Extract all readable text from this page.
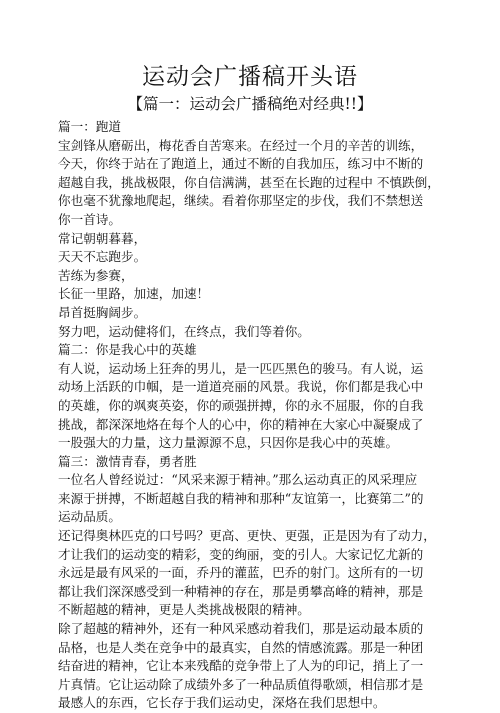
运动会广播稿开头语
【篇一：运动会广播稿绝对经典!!】
篇一：跑道
宝剑锋从磨砺出，梅花香自苦寒来。在经过一个月的辛苦的训练，
今天，你终于站在了跑道上，通过不断的自我加压，练习中不断的
超越自我，挑战极限，你自信满满，甚至在长跑的过程中 不慎跌倒，
你也毫不犹豫地爬起，继续。看着你那坚定的步伐，我们不禁想送
你一首诗。
常记朝朝暮暮，
天天不忘跑步。
苦练为参赛，
长征一里路，加速，加速！
昂首挺胸阔步。
努力吧，运动健将们，在终点，我们等着你。
篇二：你是我心中的英雄
有人说，运动场上狂奔的男儿，是一匹匹黑色的骏马。有人说，运
动场上活跃的巾帼，是一道道亮丽的风景。我说，你们都是我心中
的英雄，你的飒爽英姿，你的顽强拼搏，你的永不屈服，你的自我
挑战，都深深地烙在每个人的心中，你的精神在大家心中凝聚成了
一股强大的力量，这力量源源不息，只因你是我心中的英雄。
篇三：激情青春，勇者胜
一位名人曾经说过：“风采来源于精神。”那么运动真正的风采理应
来源于拼搏，不断超越自我的精神和那种“友谊第一，比赛第二”的
运动品质。
还记得奥林匹克的口号吗？更高、更快、更强，正是因为有了动力，
才让我们的运动变的精彩，变的绚丽，变的引人。大家记忆尤新的
永远是最有风采的一面，乔丹的灌蓝，巴乔的射门。这所有的一切
都让我们深深感受到一种精神的存在，那是勇攀高峰的精神，那是
不断超越的精神，更是人类挑战极限的精神。
除了超越的精神外，还有一种风采感动着我们，那是运动最本质的
品格，也是人类在竞争中的最真实，自然的情感流露。那是一种团
结奋进的精神，它让本来残酷的竞争带上了人为的印记，捎上了一
片真情。它让运动除了成绩外多了一种品质值得歌颂，相信那才是
最感人的东西，它长存于我们运动史，深烙在我们思想中。
